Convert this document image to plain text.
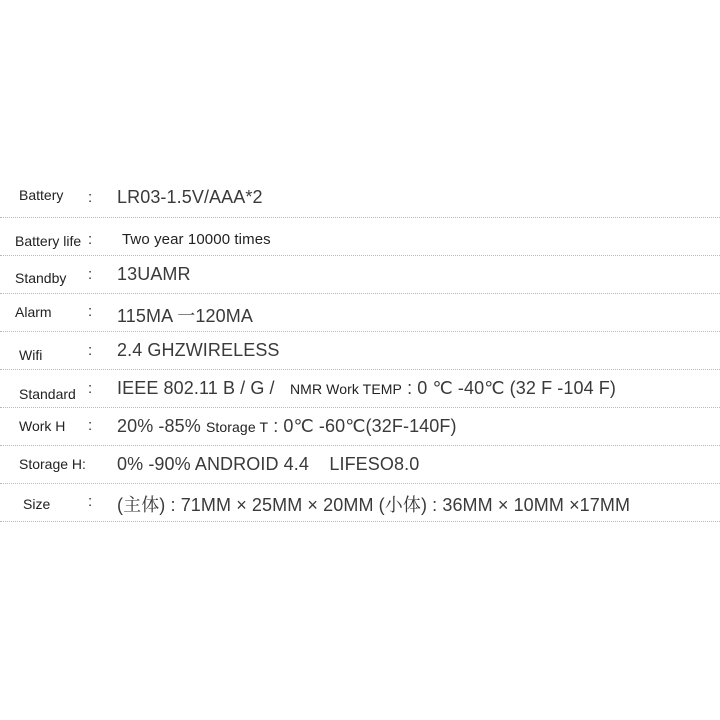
Battery : LR03-1.5V/AAA*2
Battery life : Two year 10000 times
Standby : 13UAMR
Alarm : 115MA 一120MA
Wifi	: 2.4 GHZWIRELESS
Standard : IEEE 802.11 B / G / NMR Work TEMP : 0 ℃ -40℃ (32 F -104 F)
Work H : 20% -85% Storage T : 0℃ -60℃(32F-140F)
Storage H: 0% -90% ANDROID 4.4    LIFESO8.0
Size	: (主体) : 71MM × 25MM × 20MM (小体) : 36MM × 10MM ×17MM
